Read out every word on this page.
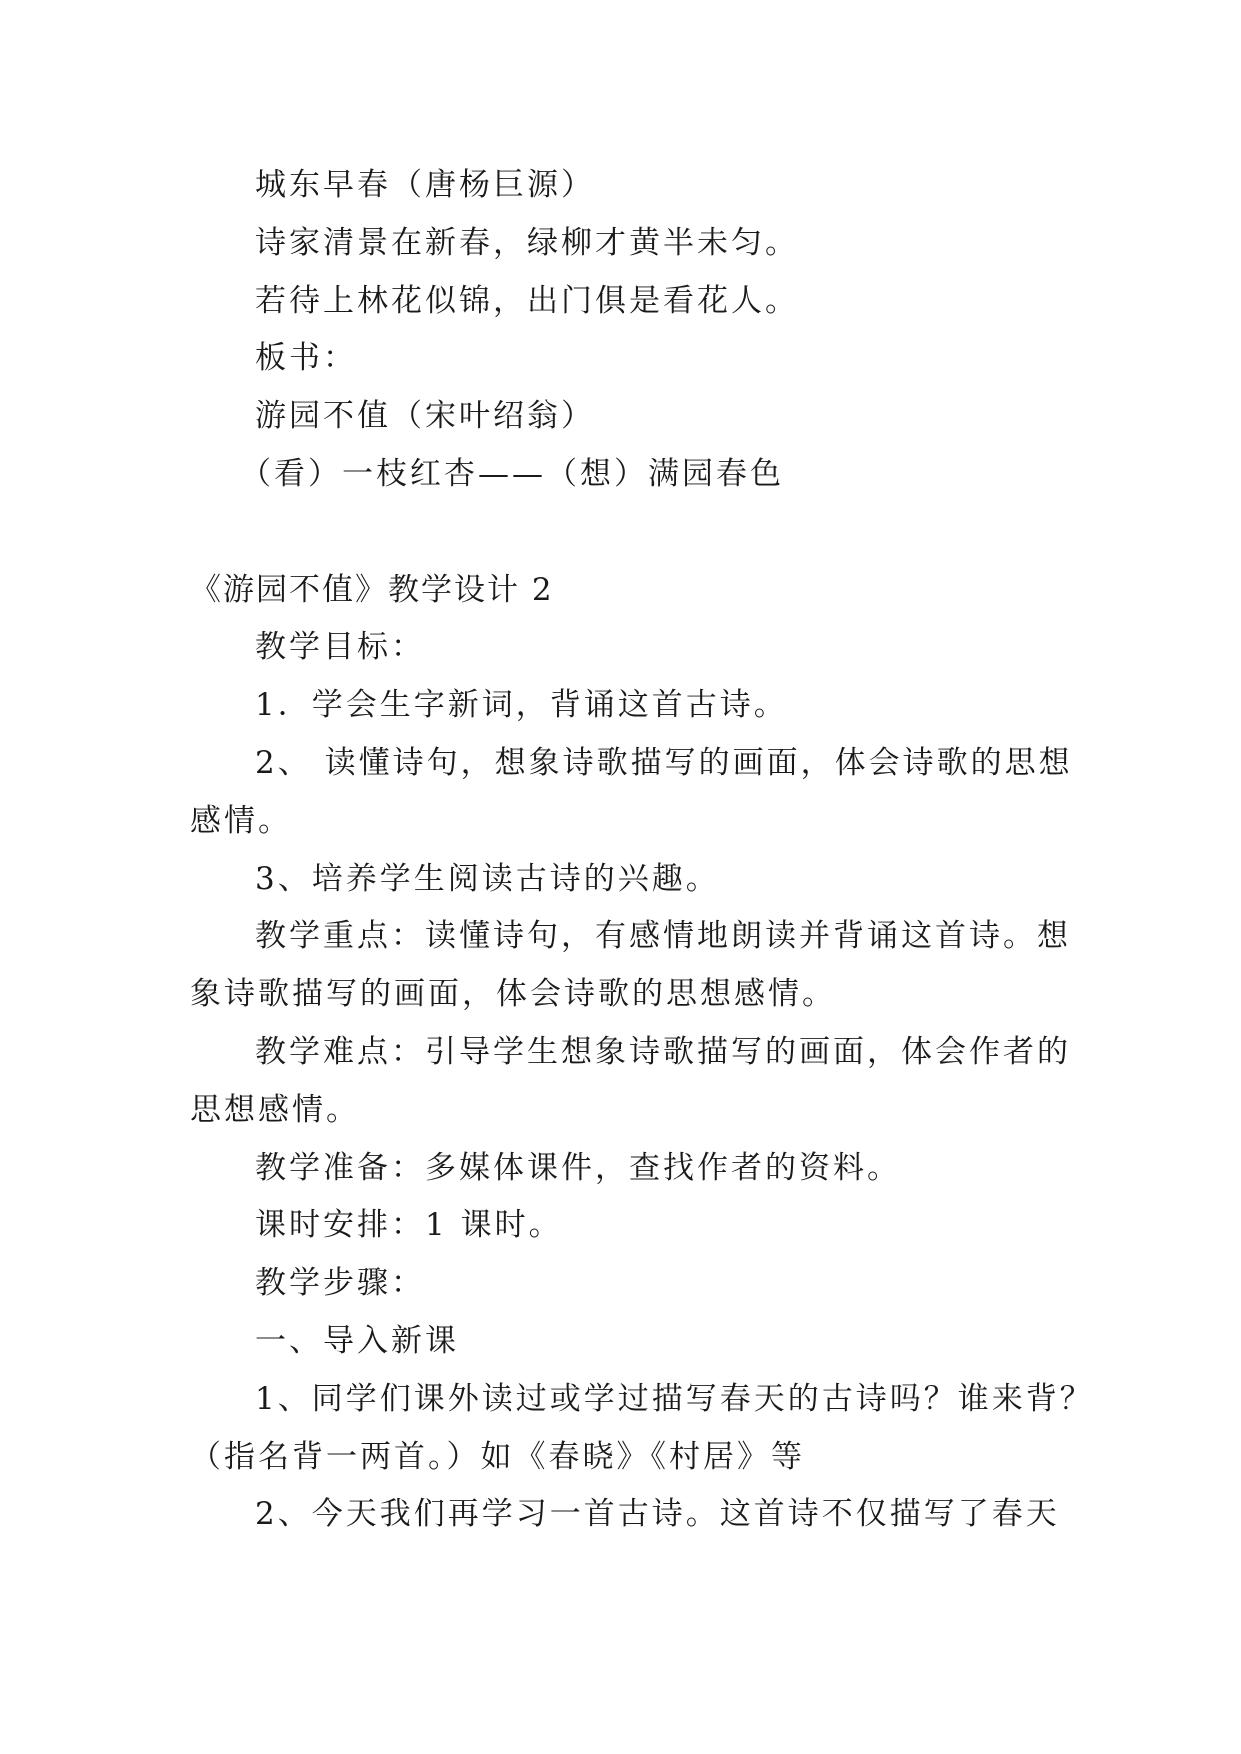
城东早春（唐杨巨源）
诗家清景在新春，绿柳才黄半未匀。
若待上林花似锦，出门俱是看花人。
板书：
游园不值（宋叶绍翁）
（看）一枝红杏——（想）满园春色
《游园不值》教学设计 2
教学目标：
1．学会生字新词，背诵这首古诗。
2、 读懂诗句，想象诗歌描写的画面，体会诗歌的思想
感情。
3、培养学生阅读古诗的兴趣。
教学重点：读懂诗句，有感情地朗读并背诵这首诗。想
象诗歌描写的画面，体会诗歌的思想感情。
教学难点：引导学生想象诗歌描写的画面，体会作者的
思想感情。
教学准备：多媒体课件，查找作者的资料。
课时安排：1 课时。
教学步骤：
一、导入新课
1、同学们课外读过或学过描写春天的古诗吗？谁来背？
（指名背一两首。）如《春晓》《村居》等
2、今天我们再学习一首古诗。这首诗不仅描写了春天
